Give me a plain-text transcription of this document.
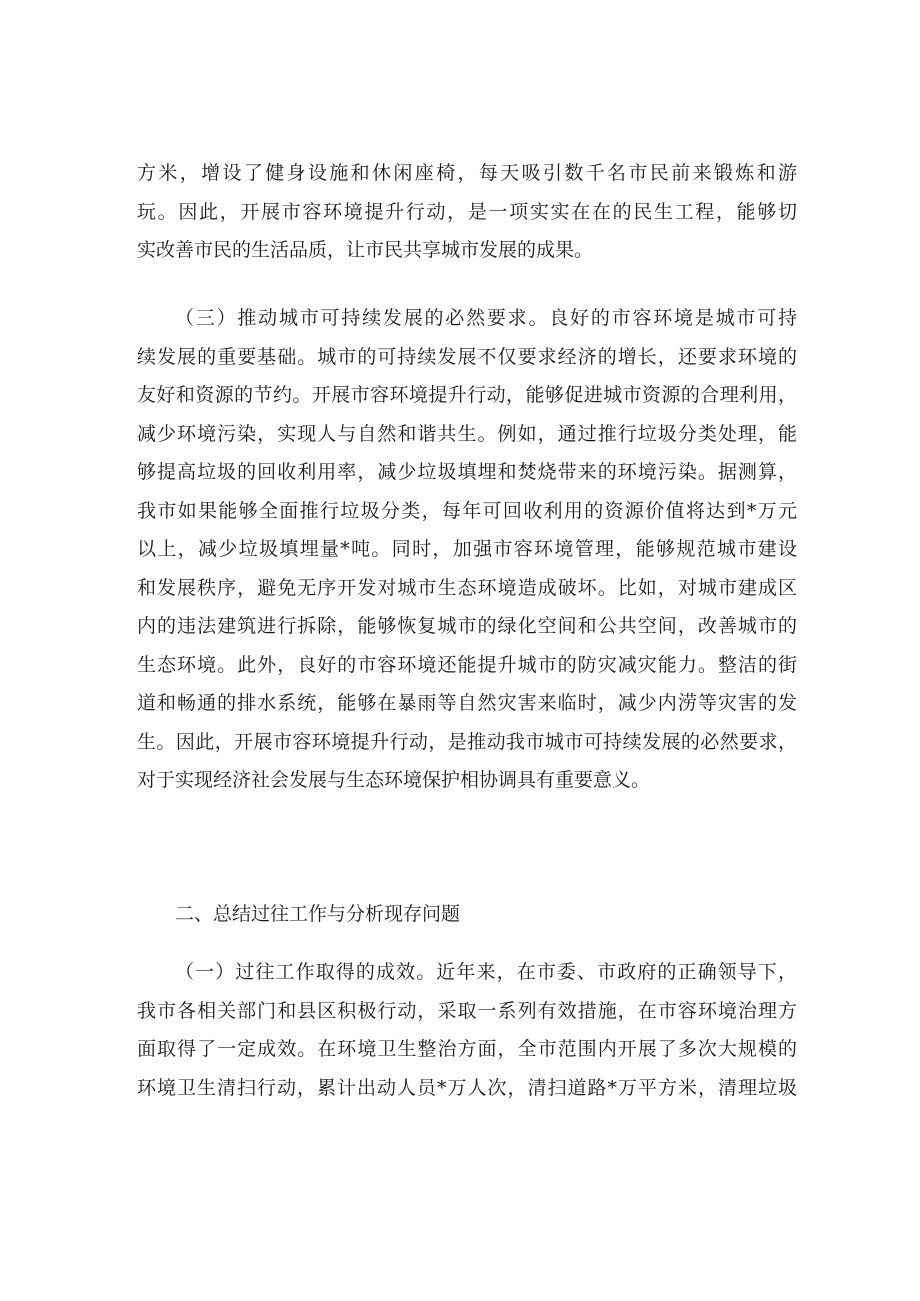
方米，增设了健身设施和休闲座椅，每天吸引数千名市民前来锻炼和游
玩。因此，开展市容环境提升行动，是一项实实在在的民生工程，能够切
实改善市民的生活品质，让市民共享城市发展的成果。
（三）推动城市可持续发展的必然要求。良好的市容环境是城市可持
续发展的重要基础。城市的可持续发展不仅要求经济的增长，还要求环境的
友好和资源的节约。开展市容环境提升行动，能够促进城市资源的合理利用，
减少环境污染，实现人与自然和谐共生。例如，通过推行垃圾分类处理，能
够提高垃圾的回收利用率，减少垃圾填埋和焚烧带来的环境污染。据测算，
我市如果能够全面推行垃圾分类，每年可回收利用的资源价值将达到*万元
以上，减少垃圾填埋量*吨。同时，加强市容环境管理，能够规范城市建设
和发展秩序，避免无序开发对城市生态环境造成破坏。比如，对城市建成区
内的违法建筑进行拆除，能够恢复城市的绿化空间和公共空间，改善城市的
生态环境。此外，良好的市容环境还能提升城市的防灾减灾能力。整洁的街
道和畅通的排水系统，能够在暴雨等自然灾害来临时，减少内涝等灾害的发
生。因此，开展市容环境提升行动，是推动我市城市可持续发展的必然要求，
对于实现经济社会发展与生态环境保护相协调具有重要意义。
二、总结过往工作与分析现存问题
（一）过往工作取得的成效。近年来，在市委、市政府的正确领导下，
我市各相关部门和县区积极行动，采取一系列有效措施，在市容环境治理方
面取得了一定成效。在环境卫生整治方面，全市范围内开展了多次大规模的
环境卫生清扫行动，累计出动人员*万人次，清扫道路*万平方米，清理垃圾
